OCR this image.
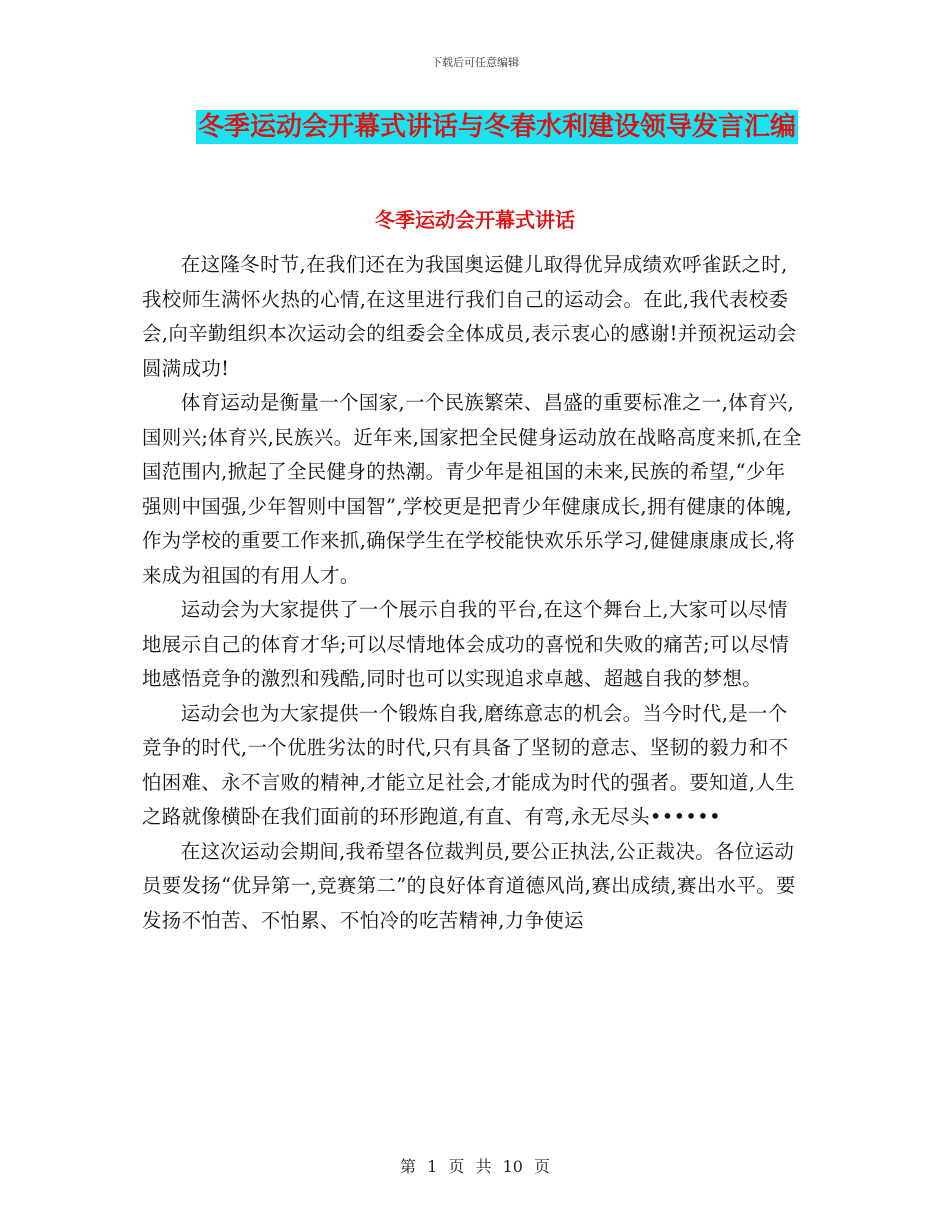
下载后可任意编辑
冬季运动会开幕式讲话与冬春水利建设领导发言汇编
冬季运动会开幕式讲话

在这隆冬时节,在我们还在为我国奥运健儿取得优异成绩欢呼雀跃之时,我校师生满怀火热的心情,在这里进行我们自己的运动会。在此,我代表校委会,向辛勤组织本次运动会的组委会全体成员,表示衷心的感谢!并预祝运动会圆满成功!

体育运动是衡量一个国家,一个民族繁荣、昌盛的重要标准之一,体育兴,国则兴;体育兴,民族兴。近年来,国家把全民健身运动放在战略高度来抓,在全国范围内,掀起了全民健身的热潮。青少年是祖国的未来,民族的希望,“少年强则中国强,少年智则中国智”,学校更是把青少年健康成长,拥有健康的体魄,作为学校的重要工作来抓,确保学生在学校能快欢乐乐学习,健健康康成长,将来成为祖国的有用人才。

运动会为大家提供了一个展示自我的平台,在这个舞台上,大家可以尽情地展示自己的体育才华;可以尽情地体会成功的喜悦和失败的痛苦;可以尽情地感悟竞争的激烈和残酷,同时也可以实现追求卓越、超越自我的梦想。

运动会也为大家提供一个锻炼自我,磨练意志的机会。当今时代,是一个竞争的时代,一个优胜劣汰的时代,只有具备了坚韧的意志、坚韧的毅力和不怕困难、永不言败的精神,才能立足社会,才能成为时代的强者。要知道,人生之路就像横卧在我们面前的环形跑道,有直、有弯,永无尽头••••••

在这次运动会期间,我希望各位裁判员,要公正执法,公正裁决。各位运动员要发扬“优异第一,竞赛第二”的良好体育道德风尚,赛出成绩,赛出水平。要发扬不怕苦、不怕累、不怕冷的吃苦精神,力争使运

第 1 页 共 10 页
